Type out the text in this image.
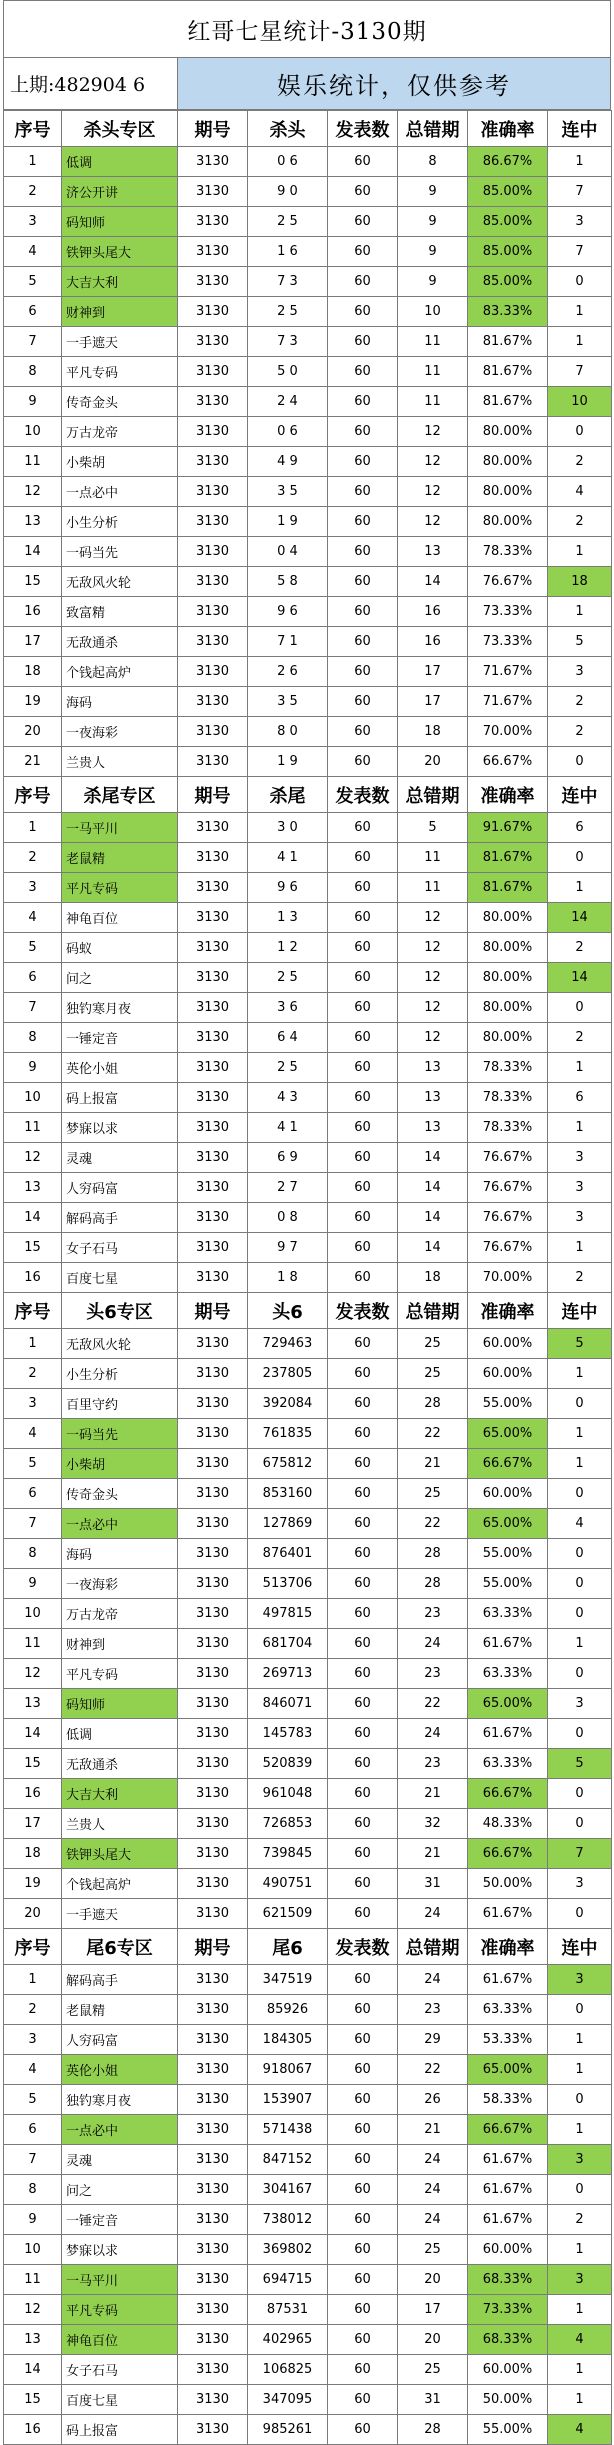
红哥七星统计-3130期
上期:482904 6	娱乐统计，仅供参考
序号	杀头专区	期号	杀头	发表数	总错期	准确率	连中
1	低调	3130	0 6	60	8	86.67%	1
2	济公开讲	3130	9 0	60	9	85.00%	7
3	码知师	3130	2 5	60	9	85.00%	3
4	铁钾头尾大	3130	1 6	60	9	85.00%	7
5	大吉大利	3130	7 3	60	9	85.00%	0
6	财神到	3130	2 5	60	10	83.33%	1
7	一手遮天	3130	7 3	60	11	81.67%	1
8	平凡专码	3130	5 0	60	11	81.67%	7
9	传奇金头	3130	2 4	60	11	81.67%	10
10	万古龙帝	3130	0 6	60	12	80.00%	0
11	小柴胡	3130	4 9	60	12	80.00%	2
12	一点必中	3130	3 5	60	12	80.00%	4
13	小生分析	3130	1 9	60	12	80.00%	2
14	一码当先	3130	0 4	60	13	78.33%	1
15	无敌风火轮	3130	5 8	60	14	76.67%	18
16	致富精	3130	9 6	60	16	73.33%	1
17	无敌通杀	3130	7 1	60	16	73.33%	5
18	个钱起高炉	3130	2 6	60	17	71.67%	3
19	海码	3130	3 5	60	17	71.67%	2
20	一夜海彩	3130	8 0	60	18	70.00%	2
21	兰贵人	3130	1 9	60	20	66.67%	0
序号	杀尾专区	期号	杀尾	发表数	总错期	准确率	连中
1	一马平川	3130	3 0	60	5	91.67%	6
2	老鼠精	3130	4 1	60	11	81.67%	0
3	平凡专码	3130	9 6	60	11	81.67%	1
4	神龟百位	3130	1 3	60	12	80.00%	14
5	码蚁	3130	1 2	60	12	80.00%	2
6	问之	3130	2 5	60	12	80.00%	14
7	独钓寒月夜	3130	3 6	60	12	80.00%	0
8	一锤定音	3130	6 4	60	12	80.00%	2
9	英伦小姐	3130	2 5	60	13	78.33%	1
10	码上报富	3130	4 3	60	13	78.33%	6
11	梦寐以求	3130	4 1	60	13	78.33%	1
12	灵魂	3130	6 9	60	14	76.67%	3
13	人穷码富	3130	2 7	60	14	76.67%	3
14	解码高手	3130	0 8	60	14	76.67%	3
15	女子石马	3130	9 7	60	14	76.67%	1
16	百度七星	3130	1 8	60	18	70.00%	2
序号	头6专区	期号	头6	发表数	总错期	准确率	连中
1	无敌风火轮	3130	729463	60	25	60.00%	5
2	小生分析	3130	237805	60	25	60.00%	1
3	百里守约	3130	392084	60	28	55.00%	0
4	一码当先	3130	761835	60	22	65.00%	1
5	小柴胡	3130	675812	60	21	66.67%	1
6	传奇金头	3130	853160	60	25	60.00%	0
7	一点必中	3130	127869	60	22	65.00%	4
8	海码	3130	876401	60	28	55.00%	0
9	一夜海彩	3130	513706	60	28	55.00%	0
10	万古龙帝	3130	497815	60	23	63.33%	0
11	财神到	3130	681704	60	24	61.67%	1
12	平凡专码	3130	269713	60	23	63.33%	0
13	码知师	3130	846071	60	22	65.00%	3
14	低调	3130	145783	60	24	61.67%	0
15	无敌通杀	3130	520839	60	23	63.33%	5
16	大吉大利	3130	961048	60	21	66.67%	0
17	兰贵人	3130	726853	60	32	48.33%	0
18	铁钾头尾大	3130	739845	60	21	66.67%	7
19	个钱起高炉	3130	490751	60	31	50.00%	3
20	一手遮天	3130	621509	60	24	61.67%	0
序号	尾6专区	期号	尾6	发表数	总错期	准确率	连中
1	解码高手	3130	347519	60	24	61.67%	3
2	老鼠精	3130	85926	60	23	63.33%	0
3	人穷码富	3130	184305	60	29	53.33%	1
4	英伦小姐	3130	918067	60	22	65.00%	1
5	独钓寒月夜	3130	153907	60	26	58.33%	0
6	一点必中	3130	571438	60	21	66.67%	1
7	灵魂	3130	847152	60	24	61.67%	3
8	问之	3130	304167	60	24	61.67%	0
9	一锤定音	3130	738012	60	24	61.67%	2
10	梦寐以求	3130	369802	60	25	60.00%	1
11	一马平川	3130	694715	60	20	68.33%	3
12	平凡专码	3130	87531	60	17	73.33%	1
13	神龟百位	3130	402965	60	20	68.33%	4
14	女子石马	3130	106825	60	25	60.00%	1
15	百度七星	3130	347095	60	31	50.00%	1
16	码上报富	3130	985261	60	28	55.00%	4
